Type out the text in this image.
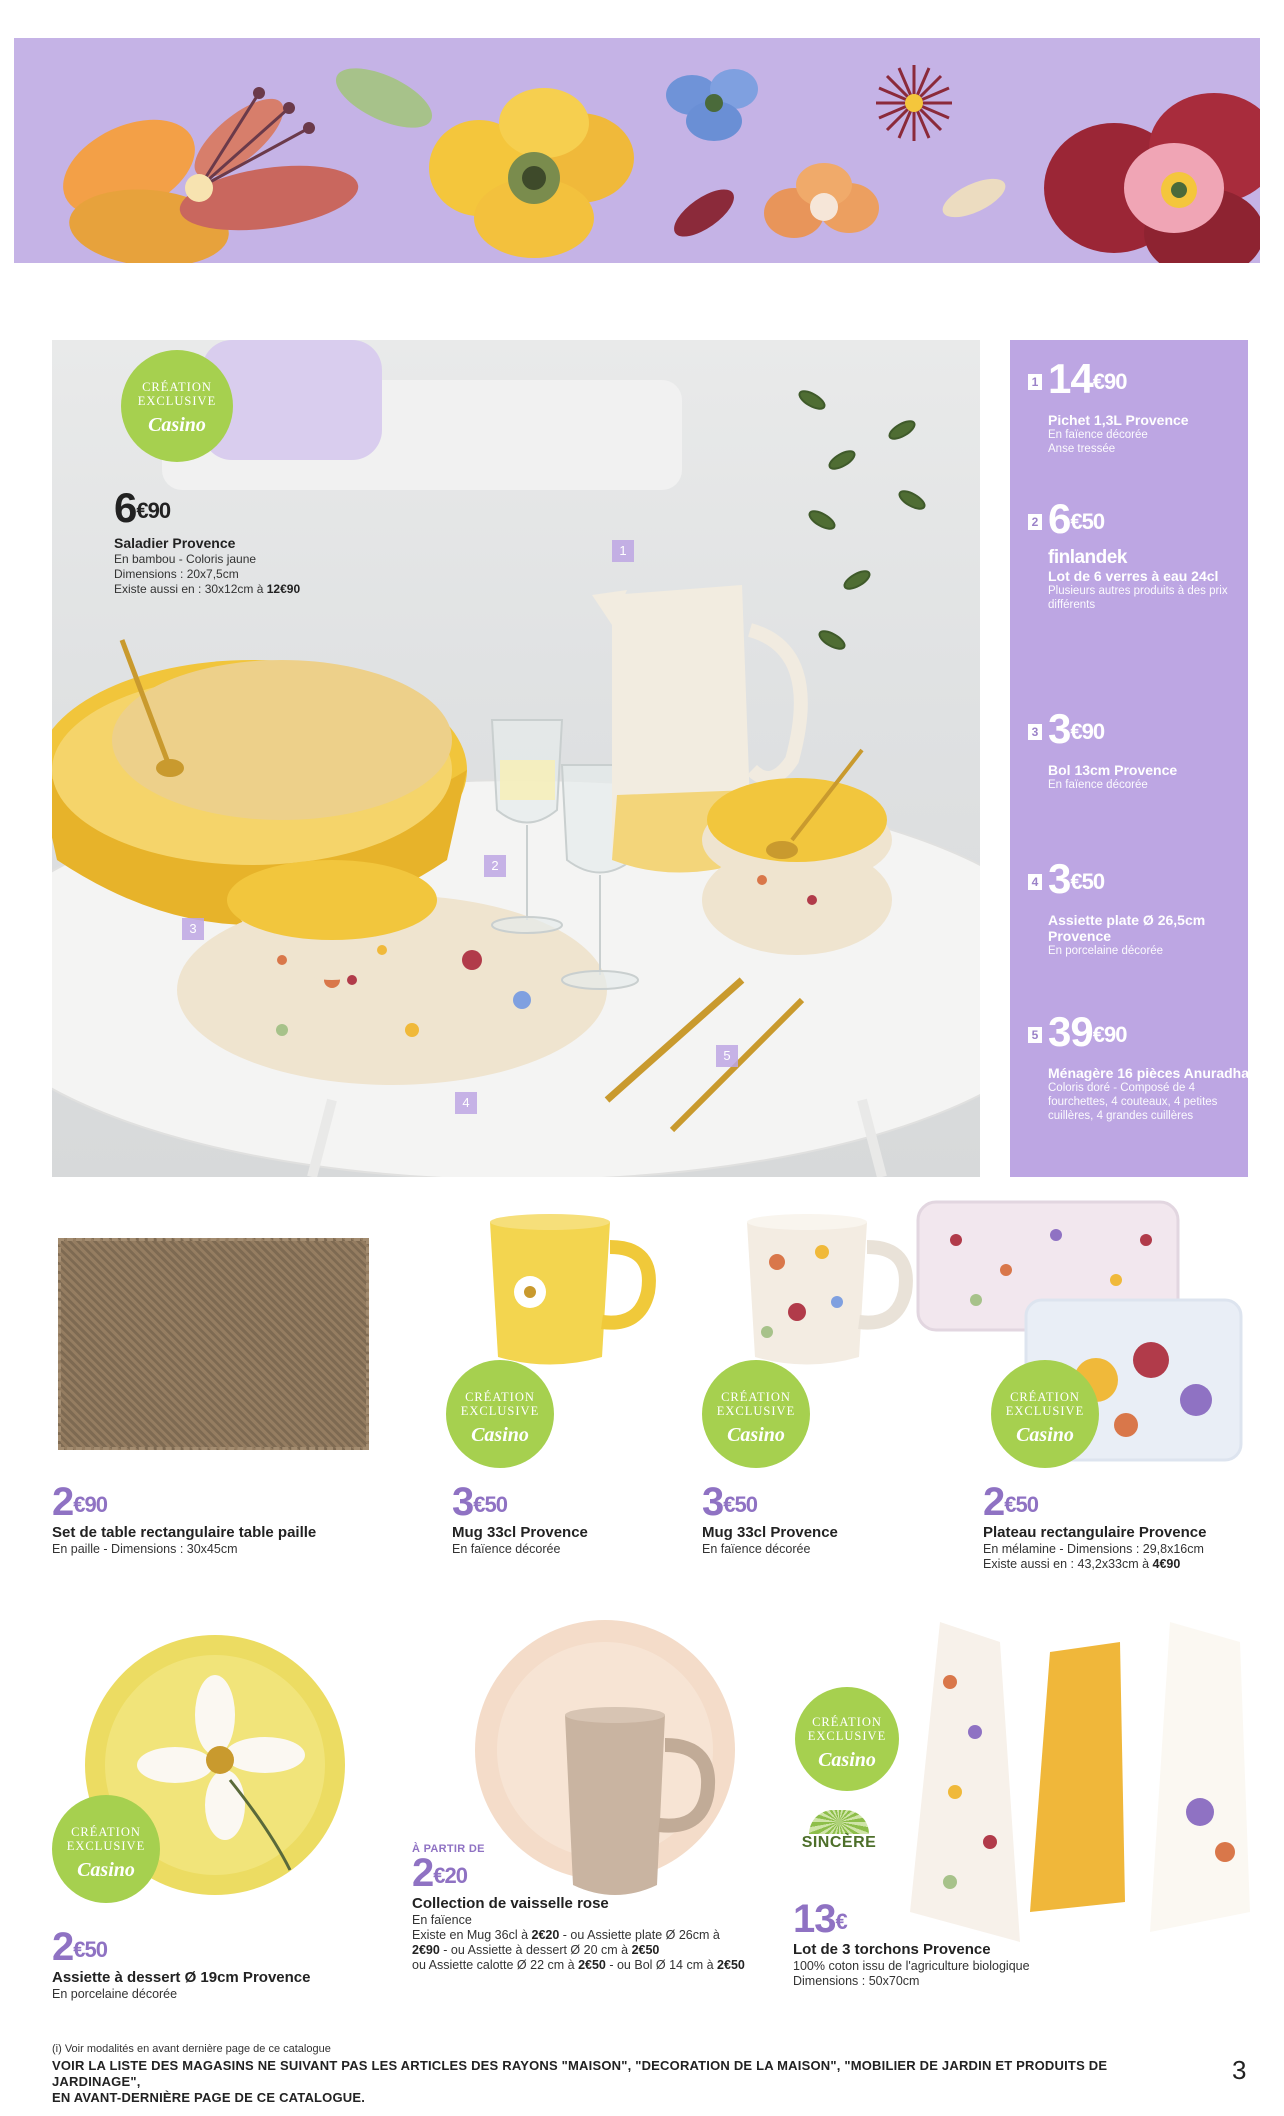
CRÉATION
EXCLUSIVE
Casino
$6^{€90}$
Saladier Provence
En bambou - Coloris jaune
Dimensions : 20x7,5cm
Existe aussi en : 30x12cm à 12€90
1
2
3
4
5
1 $14^{€90}$
Pichet 1,3L Provence
En faïence décorée
Anse tressée
2 $6^{€50}$
finlandek
Lot de 6 verres à eau 24cl
Plusieurs autres produits à des prix différents
3 $3^{€90}$
Bol 13cm Provence
En faïence décorée
4 $3^{€50}$
Assiette plate Ø 26,5cm Provence
En porcelaine décorée
5 $39^{€90}$
Ménagère 16 pièces Anuradha
Coloris doré - Composé de 4 fourchettes, 4 couteaux, 4 petites cuillères, 4 grandes cuillères
CRÉATION
EXCLUSIVE
Casino
CRÉATION
EXCLUSIVE
Casino
CRÉATION
EXCLUSIVE
Casino
$2^{€90}$
Set de table rectangulaire table paille
En paille - Dimensions : 30x45cm
$3^{€50}$
Mug 33cl Provence
En faïence décorée
$3^{€50}$
Mug 33cl Provence
En faïence décorée
$2^{€50}$
Plateau rectangulaire Provence
En mélamine - Dimensions : 29,8x16cm
Existe aussi en : 43,2x33cm à 4€90
CRÉATION
EXCLUSIVE
Casino
CRÉATION
EXCLUSIVE
Casino
SINCÈRE
$2^{€50}$
Assiette à dessert Ø 19cm Provence
En porcelaine décorée
À PARTIR DE
$2^{€20}$
Collection de vaisselle rose
En faïence
Existe en Mug 36cl à 2€20 - ou Assiette plate Ø 26cm à
2€90 - ou Assiette à dessert Ø 20 cm à 2€50
ou Assiette calotte Ø 22 cm à 2€50 - ou Bol Ø 14 cm à 2€50
13€
Lot de 3 torchons Provence
100% coton issu de l'agriculture biologique
Dimensions : 50x70cm
(i) Voir modalités en avant dernière page de ce catalogue
VOIR LA LISTE DES MAGASINS NE SUIVANT PAS LES ARTICLES DES RAYONS "MAISON", "DECORATION DE LA MAISON", "MOBILIER DE JARDIN ET PRODUITS DE JARDINAGE",
EN AVANT-DERNIÈRE PAGE DE CE CATALOGUE.
3
